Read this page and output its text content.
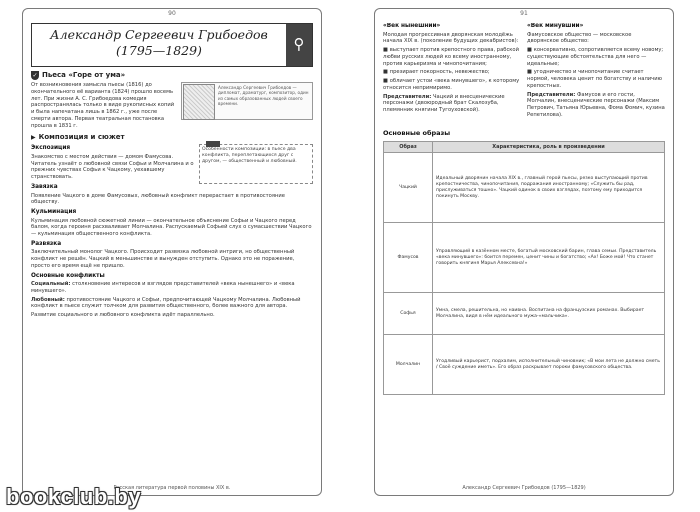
90
Александр Сергеевич Грибоедов
(1795—1829)	⚲
✓ Пьеса «Горе от ума»
Александр Сергеевич Грибоедов — дипломат, драматург, композитор, один из самых образованных людей своего времени.

От возникновения замысла пьесы (1816) до окончательного её варианта (1824) прошло восемь лет. При жизни А. С. Грибоедова комедия распространялась только в виде рукописных копий и была напечатана лишь в 1862 г., уже после смерти автора. Первая театральная постановка прошла в 1831 г.

▶ Композиция и сюжет
Особенности композиции: в пьесе два конфликта, переплетающихся друг с другом, — общественный и любовный.
Экспозиция

Знакомство с местом действия — домом Фамусова. Читатель узнаёт о любовной связи Софьи и Молчалина и о прежних чувствах Софьи к Чацкому, уехавшему странствовать.

Завязка

Появление Чацкого в доме Фамусовых, любовный конфликт перерастает в противостояние обществу.

Кульминация

Кульминация любовной сюжетной линии — окончательное объяснение Софьи и Чацкого перед балом, когда героиня расхваливает Молчалина. Распускаемый Софьей слух о сумасшествии Чацкого — кульминация общественного конфликта.

Развязка

Заключительный монолог Чацкого. Происходит развязка любовной интриги, но общественный конфликт не решён. Чацкий в меньшинстве и вынужден отступить. Однако это не поражение, просто его время ещё не пришло.

Основные конфликты

Социальный: столкновение интересов и взглядов представителей «века нынешнего» и «века минувшего».

Любовный: противостояние Чацкого и Софьи, предпочитающей Чацкому Молчалина. Любовный конфликт в пьесе служит толчком для развития общественного, более важного для автора.

Развитие социального и любовного конфликта идёт параллельно.

Русская литература первой половины XIX в.
91
«Век нынешний»

Молодая прогрессивная дворянская молодёжь начала XIX в. (поколение будущих декабристов):

■ выступает против крепостного права, рабской любви русских людей ко всему иностранному, против карьеризма и чинопочитания;

■ презирает покорность, невежество;

■ обличает устои «века минувшего», к которому относится непримиримо.

Представители: Чацкий и внесценические персонажи (двоюродный брат Скалозуба, племянник княгини Тугоуховской).

«Век минувший»

Фамусовское общество — московское дворянское общество:

■ консервативно, сопротивляется всему новому; существующие обстоятельства для него — идеальные;

■ угодничество и чинопочитание считает нормой, человека ценит по богатству и наличию крепостных.

Представители: Фамусов и его гости, Молчалин, внесценические персонажи (Максим Петрович, Татьяна Юрьевна, Фома Фомич, кузина Репетилова).

Основные образы
Образ	Характеристика, роль в произведении
Чацкий	Идеальный дворянин начала XIX в., главный герой пьесы, резко выступающий против крепостничества, чинопочитания, подражания иностранному; «Служить бы рад, прислуживаться тошно». Чацкий одинок в своих взглядах, поэтому ему приходится покинуть Москву.
Фамусов	Управляющий в казённом месте, богатый московский барин, глава семьи. Представитель «века минувшего»: боится перемен, ценит чины и богатство; «Ах! Боже мой! Что станет говорить княгиня Марья Алексевна!»
Софья	Умна, смела, решительна, но наивна. Воспитана на французских романах. Выбирает Молчалина, видя в нём идеального мужа-«мальчика».
Молчалин	Угодливый карьерист, подхалим, исполнительный чиновник; «В мои лета не должно сметь / Своё суждение иметь». Его образ раскрывает пороки фамусовского общества.
Александр Сергеевич Грибоедов (1795—1829)
bookclub.by
